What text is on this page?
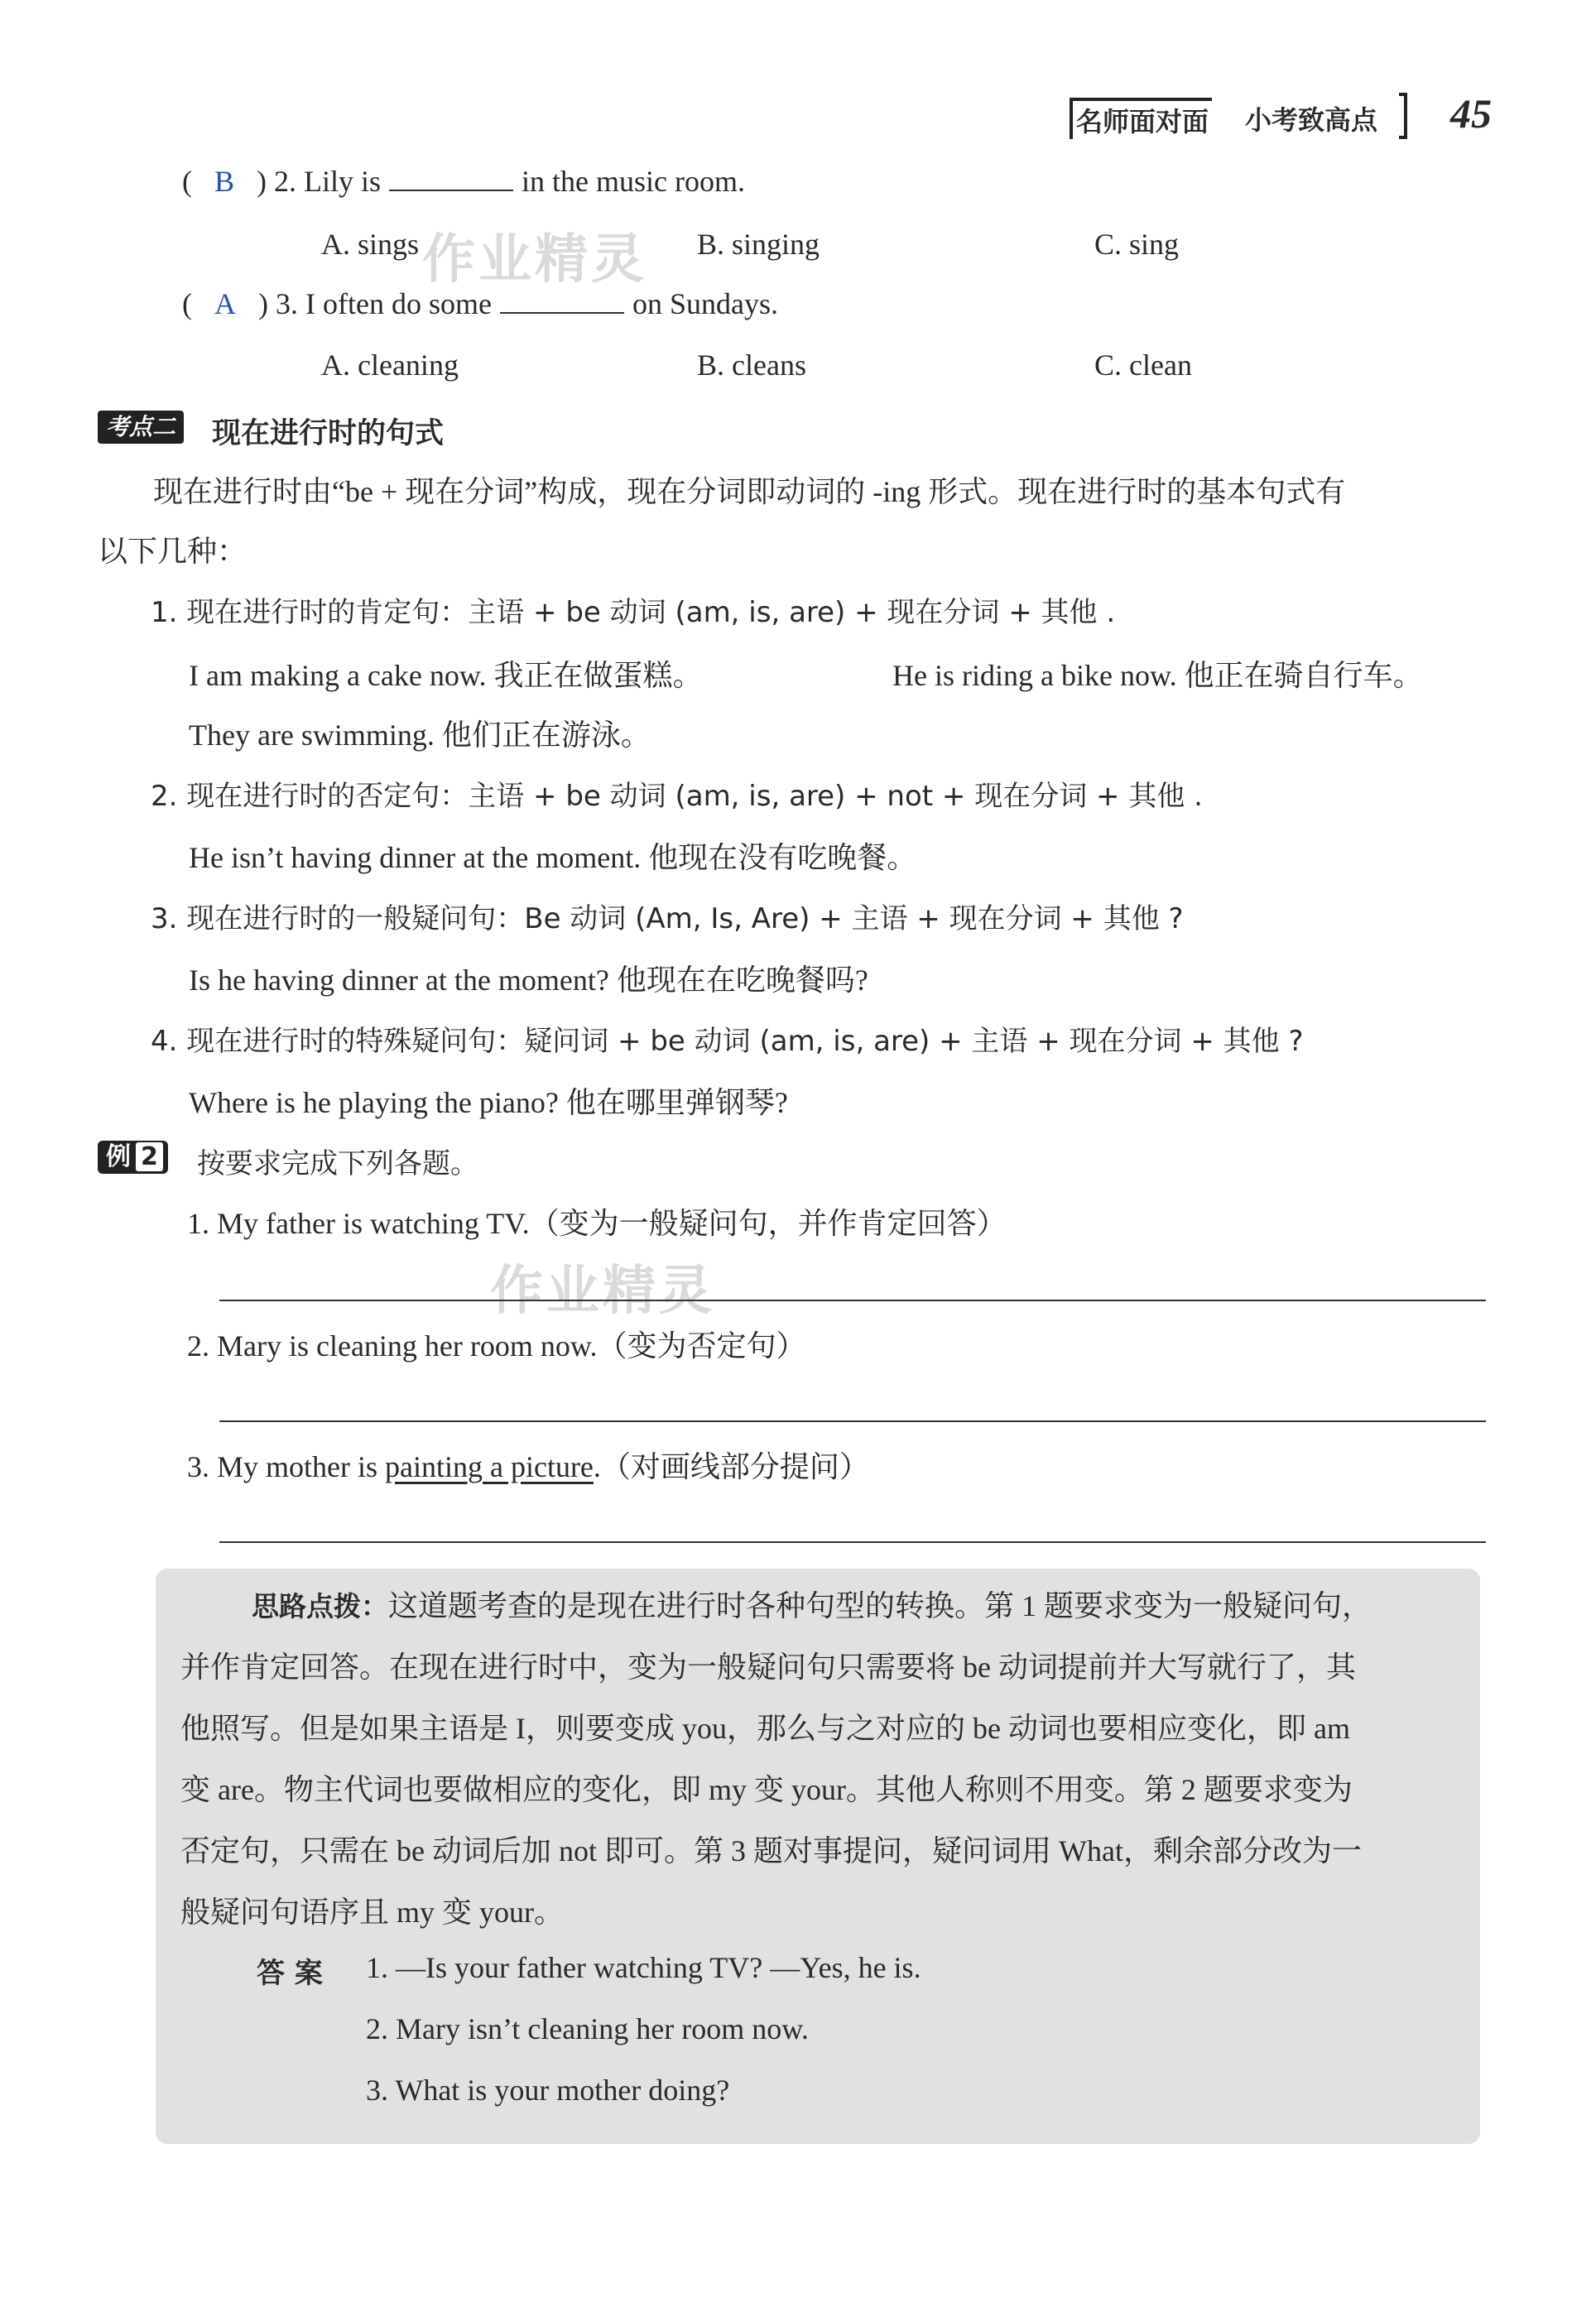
名师面对面 小考致高点 45
( B ) 2. Lily is	in the music room.
A. sings	B. singing	C. sing
( A ) 3. I often do some	on Sundays.
A. cleaning	B. cleans	C. clean
作业精灵
作业精灵
考点二 现在进行时的句式
现在进行时由“be + 现在分词”构成，现在分词即动词的 -ing 形式。现在进行时的基本句式有
以下几种：
1. 现在进行时的肯定句：主语 + be 动词 (am, is, are) + 现在分词 + 其他 .
I am making a cake now. 我正在做蛋糕。	He is riding a bike now. 他正在骑自行车。
They are swimming. 他们正在游泳。
2. 现在进行时的否定句：主语 + be 动词 (am, is, are) + not + 现在分词 + 其他 .
He isn’t having dinner at the moment. 他现在没有吃晚餐。
3. 现在进行时的一般疑问句：Be 动词 (Am, Is, Are) + 主语 + 现在分词 + 其他 ?
Is he having dinner at the moment? 他现在在吃晚餐吗?
4. 现在进行时的特殊疑问句：疑问词 + be 动词 (am, is, are) + 主语 + 现在分词 + 其他 ?
Where is he playing the piano? 他在哪里弹钢琴?
例 2	按要求完成下列各题。
1. My father is watching TV.（变为一般疑问句，并作肯定回答）
2. Mary is cleaning her room now.（变为否定句）
3. My mother is painting a picture.（对画线部分提问）
思路点拨：这道题考查的是现在进行时各种句型的转换。第 1 题要求变为一般疑问句，
并作肯定回答。在现在进行时中，变为一般疑问句只需要将 be 动词提前并大写就行了，其
他照写。但是如果主语是 I，则要变成 you，那么与之对应的 be 动词也要相应变化，即 am
变 are。物主代词也要做相应的变化，即 my 变 your。其他人称则不用变。第 2 题要求变为
否定句，只需在 be 动词后加 not 即可。第 3 题对事提问，疑问词用 What，剩余部分改为一
般疑问句语序且 my 变 your。
答 案 1. —Is your father watching TV? —Yes, he is.
2. Mary isn’t cleaning her room now.
3. What is your mother doing?
